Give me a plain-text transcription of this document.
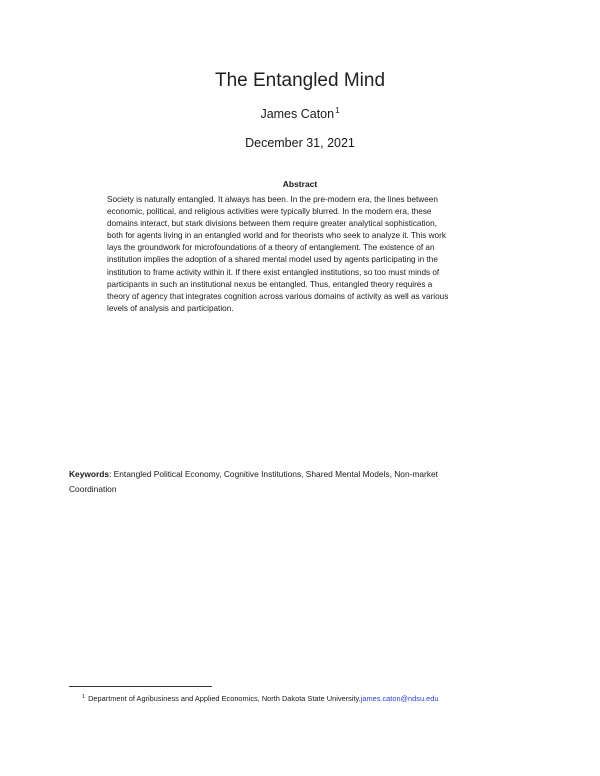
The Entangled Mind
James Caton$^1$
December 31, 2021
Abstract
Society is naturally entangled. It always has been. In the pre-modern era, the lines between
economic, political, and religious activities were typically blurred. In the modern era, these
domains interact, but stark divisions between them require greater analytical sophistication,
both for agents living in an entangled world and for theorists who seek to analyze it. This work
lays the groundwork for microfoundations of a theory of entanglement. The existence of an
institution implies the adoption of a shared mental model used by agents participating in the
institution to frame activity within it. If there exist entangled institutions, so too must minds of
participants in such an institutional nexus be entangled. Thus, entangled theory requires a
theory of agency that integrates cognition across various domains of activity as well as various
levels of analysis and participation.
Keywords: Entangled Political Economy, Cognitive Institutions, Shared Mental Models, Non-market
Coordination
$^1$ Department of Agribusiness and Applied Economics, North Dakota State University.james.caton@ndsu.edu
